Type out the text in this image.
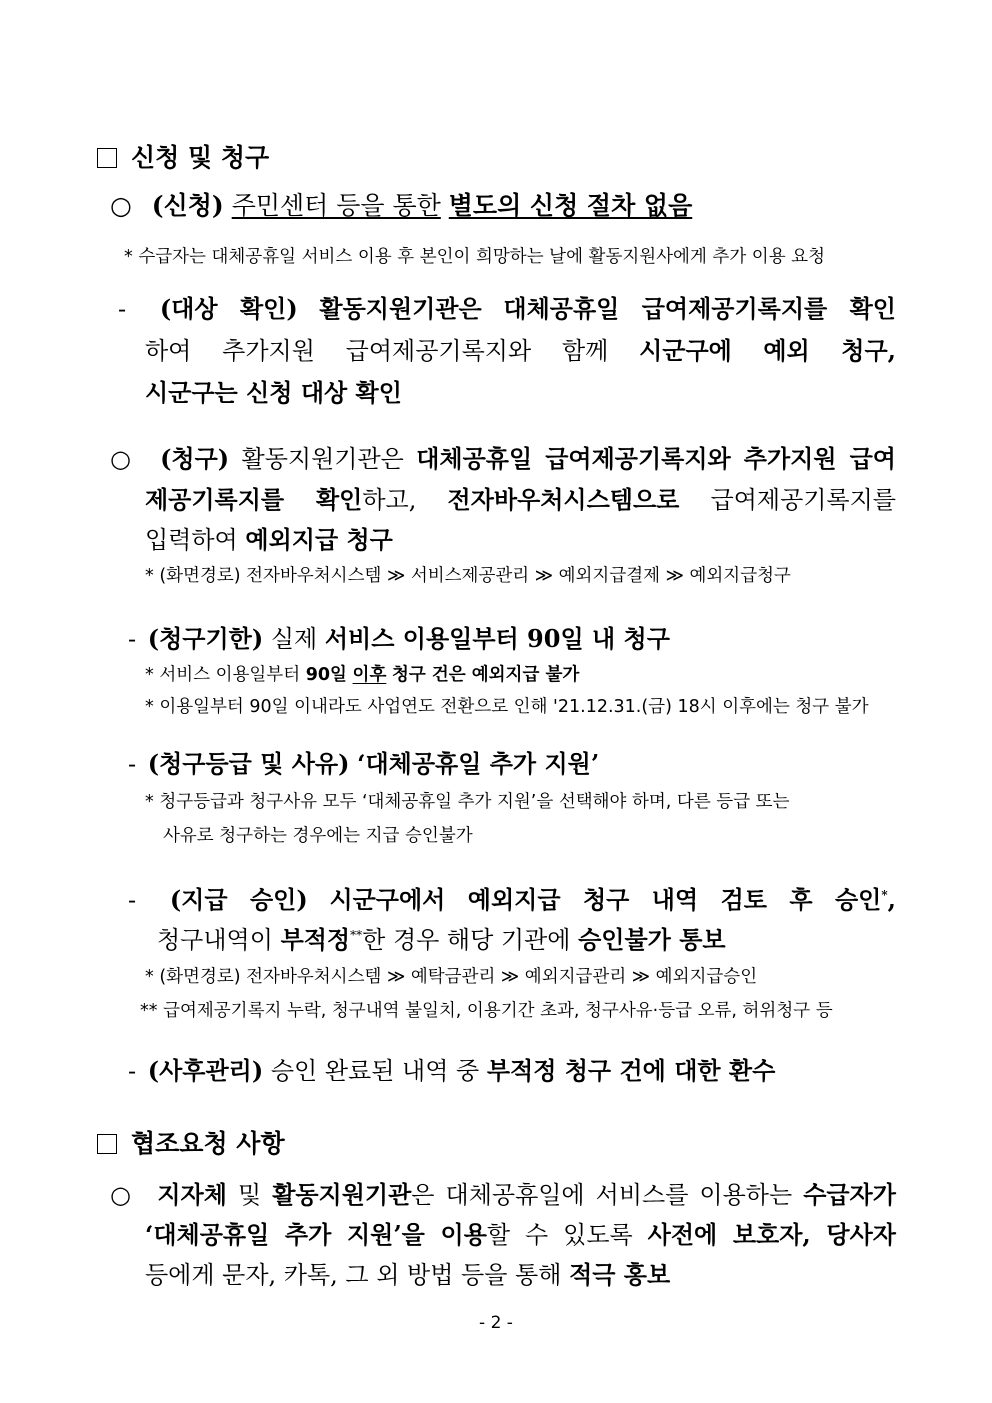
신청 및 청구
○ (신청) 주민센터 등을 통한 별도의 신청 절차 없음
* 수급자는 대체공휴일 서비스 이용 후 본인이 희망하는 날에 활동지원사에게 추가 이용 요청
- (대상 확인) 활동지원기관은 대체공휴일 급여제공기록지를 확인
하여 추가지원 급여제공기록지와 함께 시군구에 예외 청구,
시군구는 신청 대상 확인
○ (청구) 활동지원기관은 대체공휴일 급여제공기록지와 추가지원 급여
제공기록지를 확인하고, 전자바우처시스템으로 급여제공기록지를
입력하여 예외지급 청구
* (화면경로) 전자바우처시스템 ≫ 서비스제공관리 ≫ 예외지급결제 ≫ 예외지급청구
- (청구기한) 실제 서비스 이용일부터 90일 내 청구
* 서비스 이용일부터 90일 이후 청구 건은 예외지급 불가
* 이용일부터 90일 이내라도 사업연도 전환으로 인해 '21.12.31.(금) 18시 이후에는 청구 불가
- (청구등급 및 사유) ‘대체공휴일 추가 지원’
* 청구등급과 청구사유 모두 ‘대체공휴일 추가 지원’을 선택해야 하며, 다른 등급 또는
사유로 청구하는 경우에는 지급 승인불가
- (지급 승인) 시군구에서 예외지급 청구 내역 검토 후 승인*,
청구내역이 부적정**한 경우 해당 기관에 승인불가 통보
* (화면경로) 전자바우처시스템 ≫ 예탁금관리 ≫ 예외지급관리 ≫ 예외지급승인
** 급여제공기록지 누락, 청구내역 불일치, 이용기간 초과, 청구사유·등급 오류, 허위청구 등
- (사후관리) 승인 완료된 내역 중 부적정 청구 건에 대한 환수
협조요청 사항
○ 지자체 및 활동지원기관은 대체공휴일에 서비스를 이용하는 수급자가
‘대체공휴일 추가 지원’을 이용할 수 있도록 사전에 보호자, 당사자
등에게 문자, 카톡, 그 외 방법 등을 통해 적극 홍보
- 2 -
